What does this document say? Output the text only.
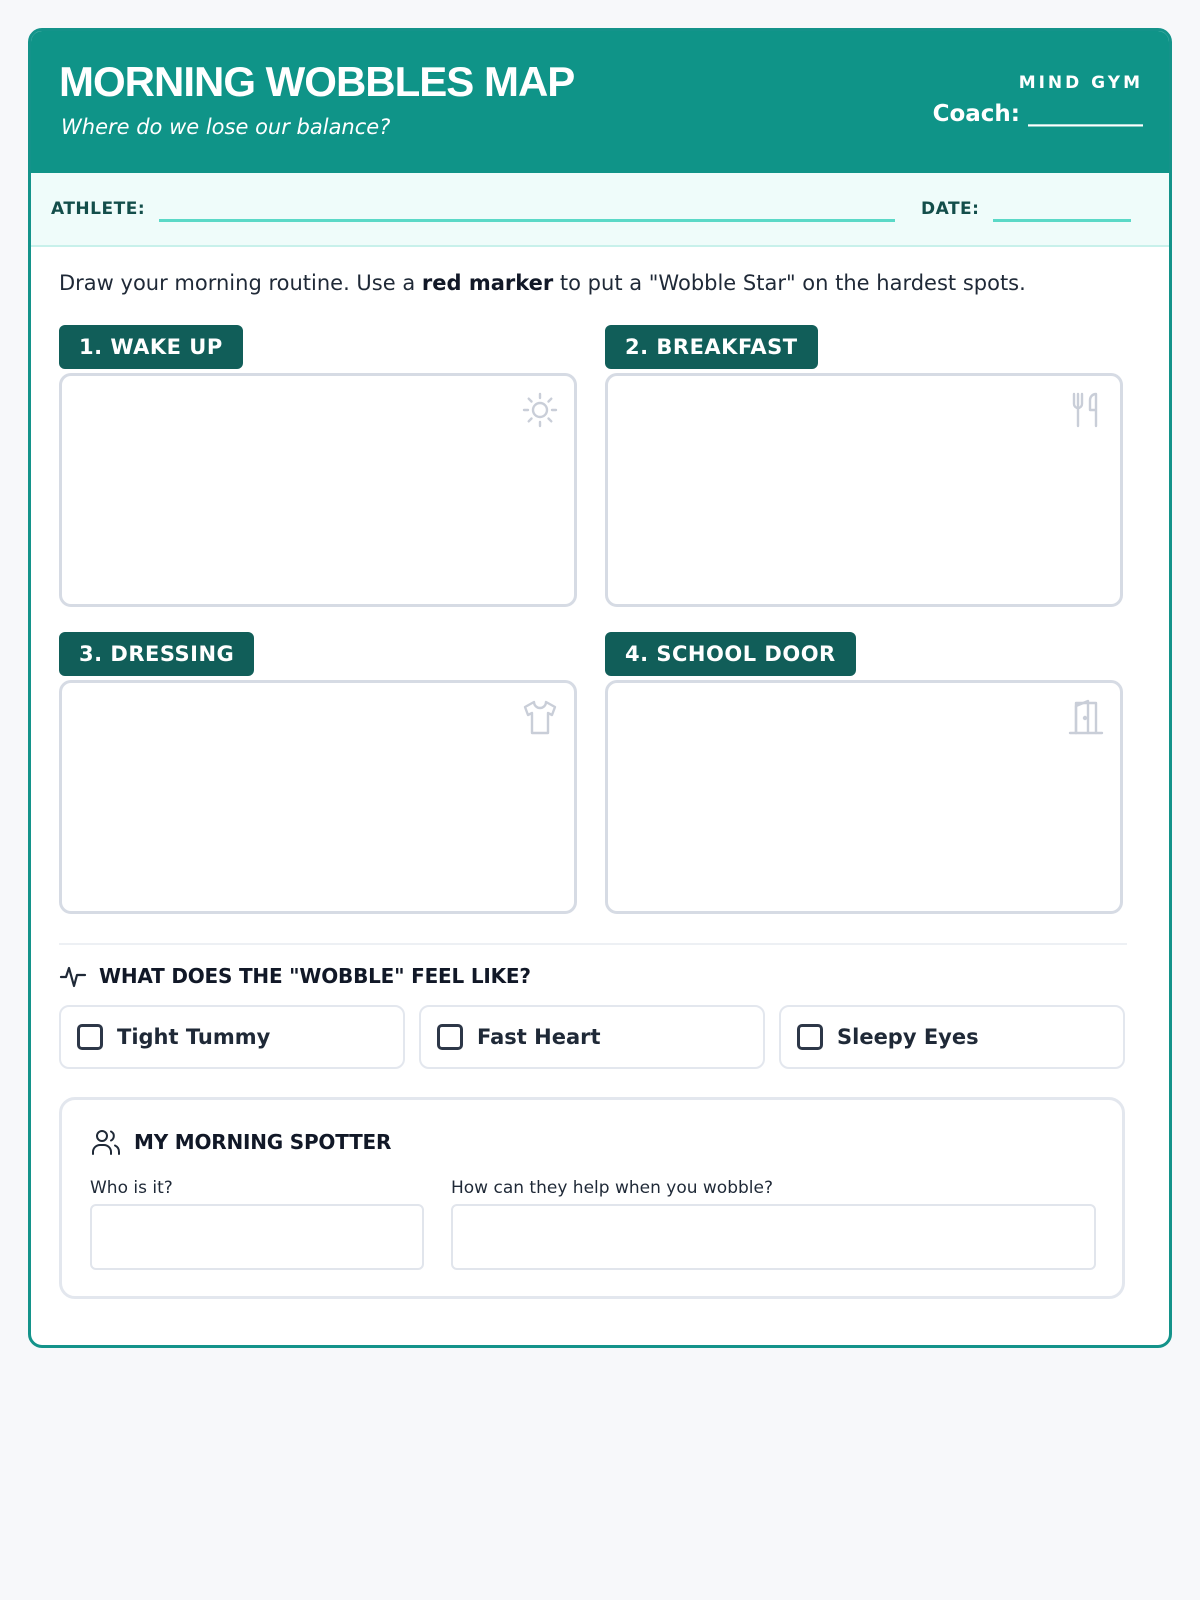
MORNING WOBBLES MAP
Where do we lose our balance?
MIND GYM
Coach: __________
ATHLETE:	DATE:
Draw your morning routine. Use a red marker to put a "Wobble Star" on the hardest spots.
1. WAKE UP	2. BREAKFAST
3. DRESSING	4. SCHOOL DOOR
WHAT DOES THE "WOBBLE" FEEL LIKE?
Tight Tummy	Fast Heart	Sleepy Eyes
MY MORNING SPOTTER
Who is it?	How can they help when you wobble?
